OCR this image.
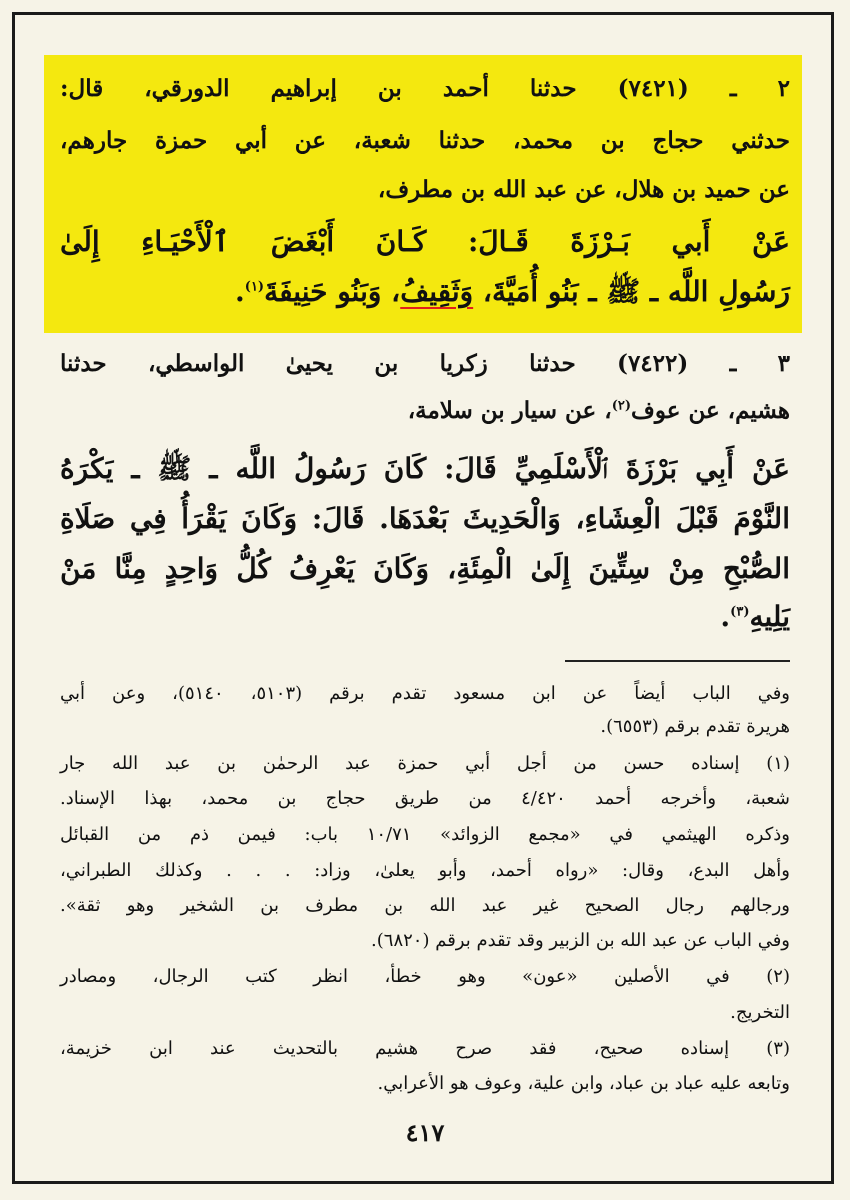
٢ ـ (٧٤٢١) حدثنا أحمد بن إبراهيم الدورقي، قال:
حدثني حجاج بن محمد، حدثنا شعبة، عن أبي حمزة جارهم،
عن حميد بن هلال، عن عبد الله بن مطرف،
عَنْ أَبي بَـرْزَةَ قَـالَ: كَـانَ أَبْغَضَ ٱلْأَحْيَـاءِ إِلَىٰ
رَسُولِ اللَّه ـ ﷺ ـ بَنُو أُمَيَّةَ، وَثَقِيفُ، وَبَنُو حَنِيفَةَ$^{(١)}$.
٣ ـ (٧٤٢٢) حدثنا زكريا بن يحيىٰ الواسطي، حدثنا
هشيم، عن عوف$^{(٢)}$، عن سيار بن سلامة،
عَنْ أَبِي بَرْزَةَ ٱلْأَسْلَمِيِّ قَالَ: كَانَ رَسُولُ اللَّه ـ ﷺ ـ يَكْرَهُ
النَّوْمَ قَبْلَ الْعِشَاءِ، وَالْحَدِيثَ بَعْدَهَا. قَالَ: وَكَانَ يَقْرَأُ فِي صَلَاةِ
الصُّبْحِ مِنْ سِتِّينَ إِلَىٰ الْمِئَةِ، وَكَانَ يَعْرِفُ كُلُّ وَاحِدٍ مِنَّا مَنْ
يَلِيهِ$^{(٣)}$.
وفي الباب أيضاً عن ابن مسعود تقدم برقم (٥١٠٣، ٥١٤٠)، وعن أبي
هريرة تقدم برقم (٦٥٥٣).
(١) إسناده حسن من أجل أبي حمزة عبد الرحمٰن بن عبد الله جار
شعبة، وأخرجه أحمد ٤/٤٢٠ من طريق حجاج بن محمد، بهذا الإسناد.
وذكره الهيثمي في «مجمع الزوائد» ١٠/٧١ باب: فيمن ذم من القبائل
وأهل البدع، وقال: «رواه أحمد، وأبو يعلىٰ، وزاد: . . . وكذلك الطبراني،
ورجالهم رجال الصحيح غير عبد الله بن مطرف بن الشخير وهو ثقة».
وفي الباب عن عبد الله بن الزبير وقد تقدم برقم (٦٨٢٠).
(٢) في الأصلين «عون» وهو خطأ، انظر كتب الرجال، ومصادر
التخريج.
(٣) إسناده صحيح، فقد صرح هشيم بالتحديث عند ابن خزيمة،
وتابعه عليه عباد بن عباد، وابن علية، وعوف هو الأعرابي.
٤١٧
